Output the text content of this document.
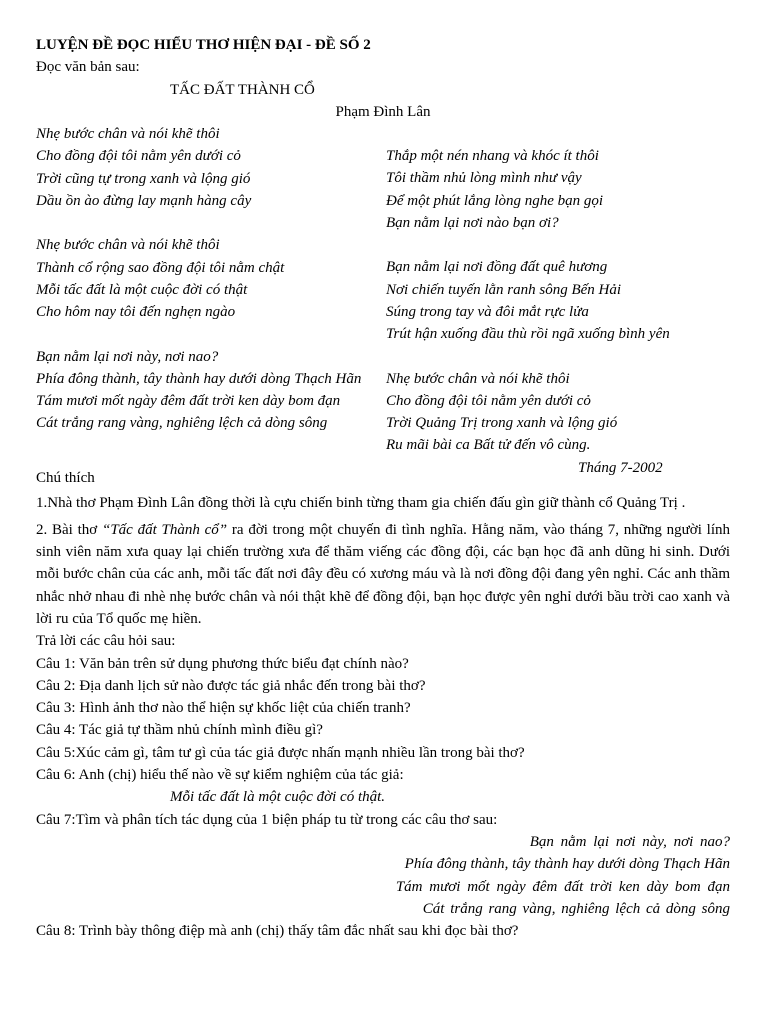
LUYỆN ĐỀ ĐỌC HIỂU THƠ HIỆN ĐẠI - ĐỀ SỐ 2
Đọc văn bản sau:
TẤC ĐẤT THÀNH CỔ
Phạm Đình Lân
Nhẹ bước chân và nói khẽ thôi
Cho đồng đội tôi nằm yên dưới cỏ
Trời cũng tự trong xanh và lộng gió
Dầu ồn ào đừng lay mạnh hàng cây
Nhẹ bước chân và nói khẽ thôi
Thành cổ rộng sao đồng đội tôi nằm chật
Mỗi tấc đất là một cuộc đời có thật
Cho hôm nay tôi đến nghẹn ngào
Bạn nằm lại nơi này, nơi nao?
Phía đông thành, tây thành hay dưới dòng Thạch Hãn
Tám mươi mốt ngày đêm đất trời ken dày bom đạn
Cát trắng rang vàng, nghiêng lệch cả dòng sông
Thắp một nén nhang và khóc ít thôi
Tôi thầm nhủ lòng mình như vậy
Để một phút lắng lòng nghe bạn gọi
Bạn nằm lại nơi nào bạn ơi?
Bạn nằm lại nơi đồng đất quê hương
Nơi chiến tuyến lằn ranh sông Bến Hải
Súng trong tay và đôi mắt rực lửa
Trút hận xuống đầu thù rồi ngã xuống bình yên
Nhẹ bước chân và nói khẽ thôi
Cho đồng đội tôi nằm yên dưới cỏ
Trời Quảng Trị trong xanh và lộng gió
Ru mãi bài ca Bất tử đến vô cùng.
Tháng 7-2002

Chú thích

1.Nhà thơ Phạm Đình Lân đồng thời là cựu chiến binh từng tham gia chiến đấu gìn giữ thành cổ Quảng Trị .

2. Bài thơ “Tấc đất Thành cổ” ra đời trong một chuyến đi tình nghĩa. Hằng năm, vào tháng 7, những người lính sinh viên năm xưa quay lại chiến trường xưa để thăm viếng các đồng đội, các bạn học đã anh dũng hi sinh. Dưới mỗi bước chân của các anh, mỗi tấc đất nơi đây đều có xương máu và là nơi đồng đội đang yên nghỉ. Các anh thầm nhắc nhở nhau đi nhè nhẹ bước chân và nói thật khẽ để đồng đội, bạn học được yên nghỉ dưới bầu trời cao xanh và lời ru của Tổ quốc mẹ hiền.

Trả lời các câu hỏi sau:
Câu 1: Văn bản trên sử dụng phương thức biểu đạt chính nào?
Câu 2: Địa danh lịch sử nào được tác giả nhắc đến trong bài thơ?
Câu 3: Hình ảnh thơ nào thể hiện sự khốc liệt của chiến tranh?
Câu 4: Tác giả tự thầm nhủ chính mình điều gì?
Câu 5:Xúc cảm gì, tâm tư gì của tác giả được nhấn mạnh nhiều lần trong bài thơ?
Câu 6: Anh (chị) hiểu thế nào về sự kiểm nghiệm của tác giả:
Mỗi tấc đất là một cuộc đời có thật.
Câu 7:Tìm và phân tích tác dụng của 1 biện pháp tu từ trong các câu thơ sau:
Bạn nằm lại nơi này, nơi nao?
Phía đông thành, tây thành hay dưới dòng Thạch Hãn
Tám mươi mốt ngày đêm đất trời ken dày bom đạn
Cát trắng rang vàng, nghiêng lệch cả dòng sông
Câu 8: Trình bày thông điệp mà anh (chị) thấy tâm đắc nhất sau khi đọc bài thơ?
